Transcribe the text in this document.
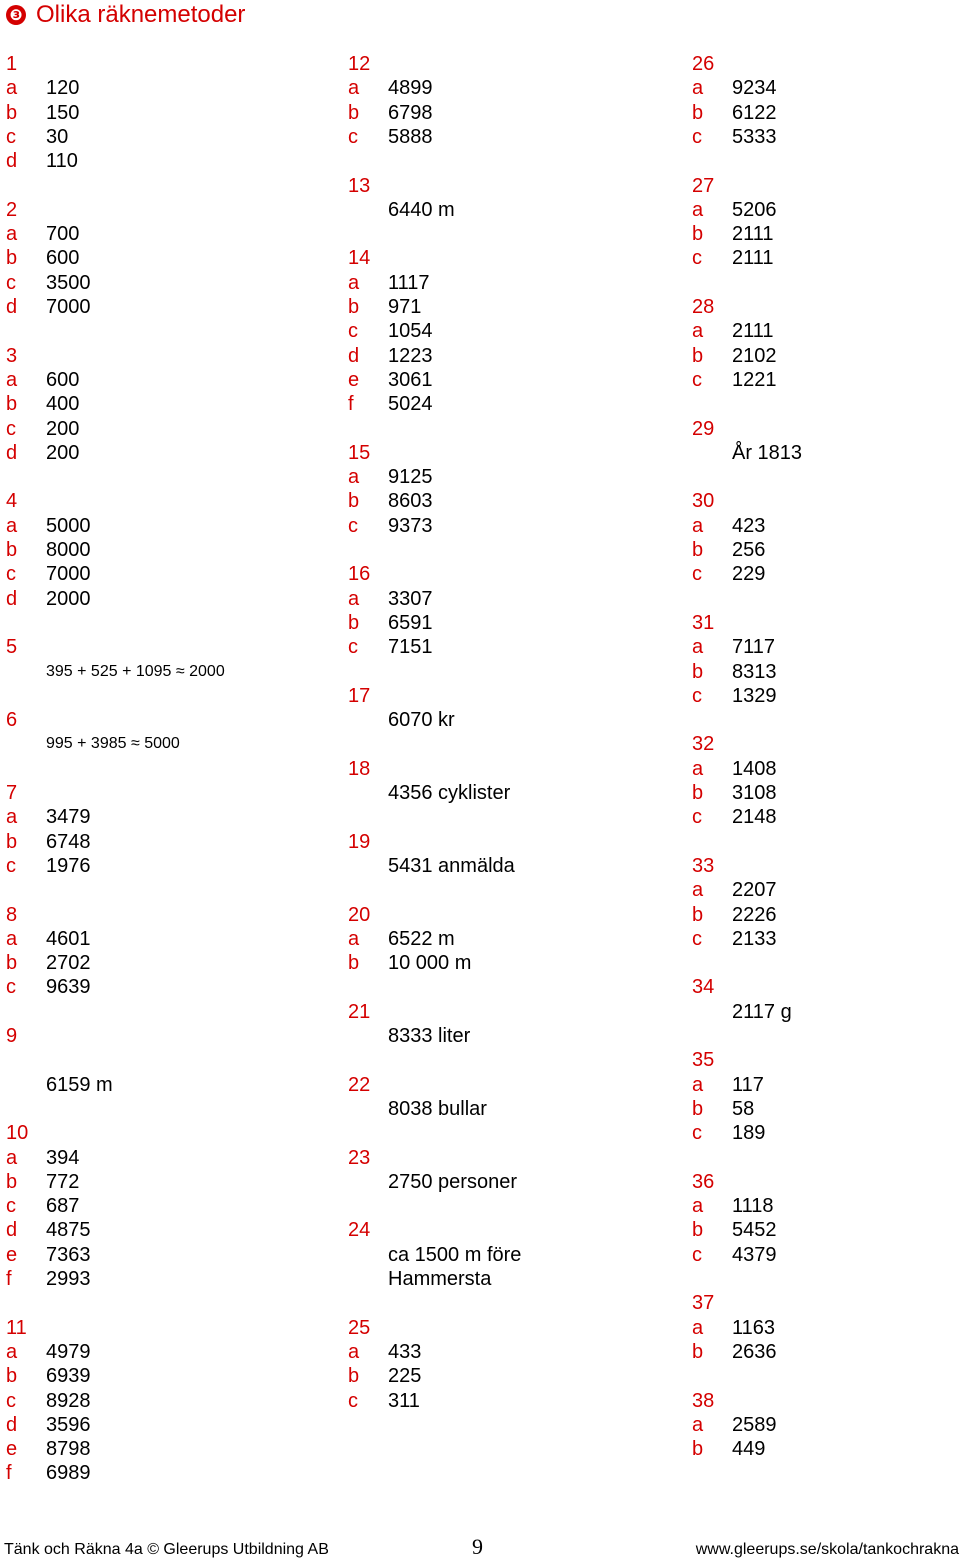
❸ Olika räknemetoder
1
a 120
b 150
c 30
d 110
2
a 700
b 600
c 3500
d 7000
3
a 600
b 400
c 200
d 200
4
a 5000
b 8000
c 7000
d 2000
5
395 + 525 + 1095 ≈ 2000
6
995 + 3985 ≈ 5000
7
a 3479
b 6748
c 1976
8
a 4601
b 2702
c 9639
9
6159 m
10
a 394
b 772
c 687
d 4875
e 7363
f 2993
11
a 4979
b 6939
c 8928
d 3596
e 8798
f 6989
12
a 4899
b 6798
c 5888
13
6440 m
14
a 1117
b 971
c 1054
d 1223
e 3061
f 5024
15
a 9125
b 8603
c 9373
16
a 3307
b 6591
c 7151
17
6070 kr
18
4356 cyklister
19
5431 anmälda
20
a 6522 m
b 10 000 m
21
8333 liter
22
8038 bullar
23
2750 personer
24
ca 1500 m före
Hammersta
25
a 433
b 225
c 311
26
a 9234
b 6122
c 5333
27
a 5206
b 2111
c 2111
28
a 2111
b 2102
c 1221
29
År 1813
30
a 423
b 256
c 229
31
a 7117
b 8313
c 1329
32
a 1408
b 3108
c 2148
33
a 2207
b 2226
c 2133
34
2117 g
35
a 117
b 58
c 189
36
a 1118
b 5452
c 4379
37
a 1163
b 2636
38
a 2589
b 449
Tänk och Räkna 4a © Gleerups Utbildning AB	9	www.gleerups.se/skola/tankochrakna
